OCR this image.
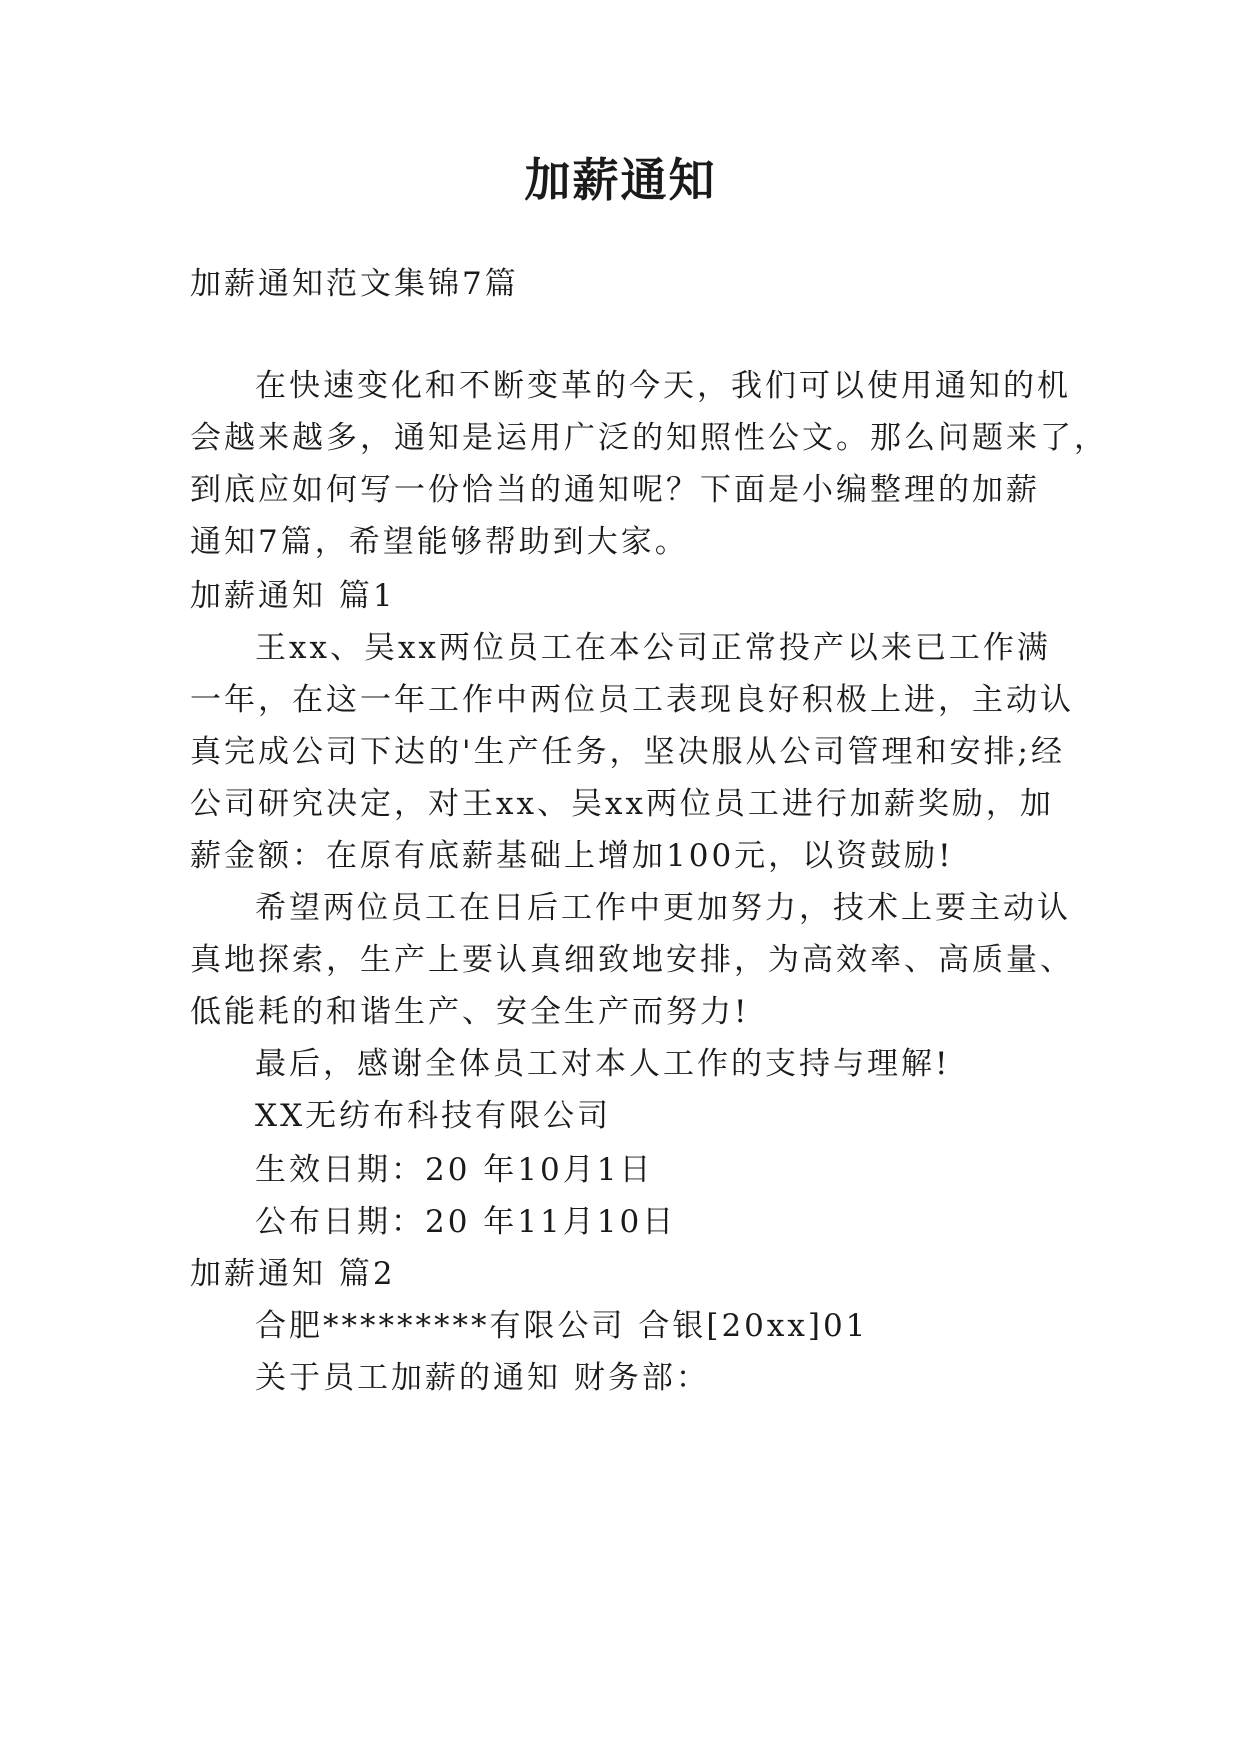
加薪通知
加薪通知范文集锦7篇
在快速变化和不断变革的今天，我们可以使用通知的机
会越来越多，通知是运用广泛的知照性公文。那么问题来了，
到底应如何写一份恰当的通知呢？下面是小编整理的加薪
通知7篇，希望能够帮助到大家。
加薪通知 篇1
王xx、吴xx两位员工在本公司正常投产以来已工作满
一年，在这一年工作中两位员工表现良好积极上进，主动认
真完成公司下达的'生产任务，坚决服从公司管理和安排;经
公司研究决定，对王xx、吴xx两位员工进行加薪奖励，加
薪金额：在原有底薪基础上增加100元，以资鼓励!
希望两位员工在日后工作中更加努力，技术上要主动认
真地探索，生产上要认真细致地安排，为高效率、高质量、
低能耗的和谐生产、安全生产而努力!
最后，感谢全体员工对本人工作的支持与理解!
XX无纺布科技有限公司
生效日期：20 年10月1日
公布日期：20 年11月10日
加薪通知 篇2
合肥*********有限公司 合银[20xx]01
关于员工加薪的通知 财务部：
